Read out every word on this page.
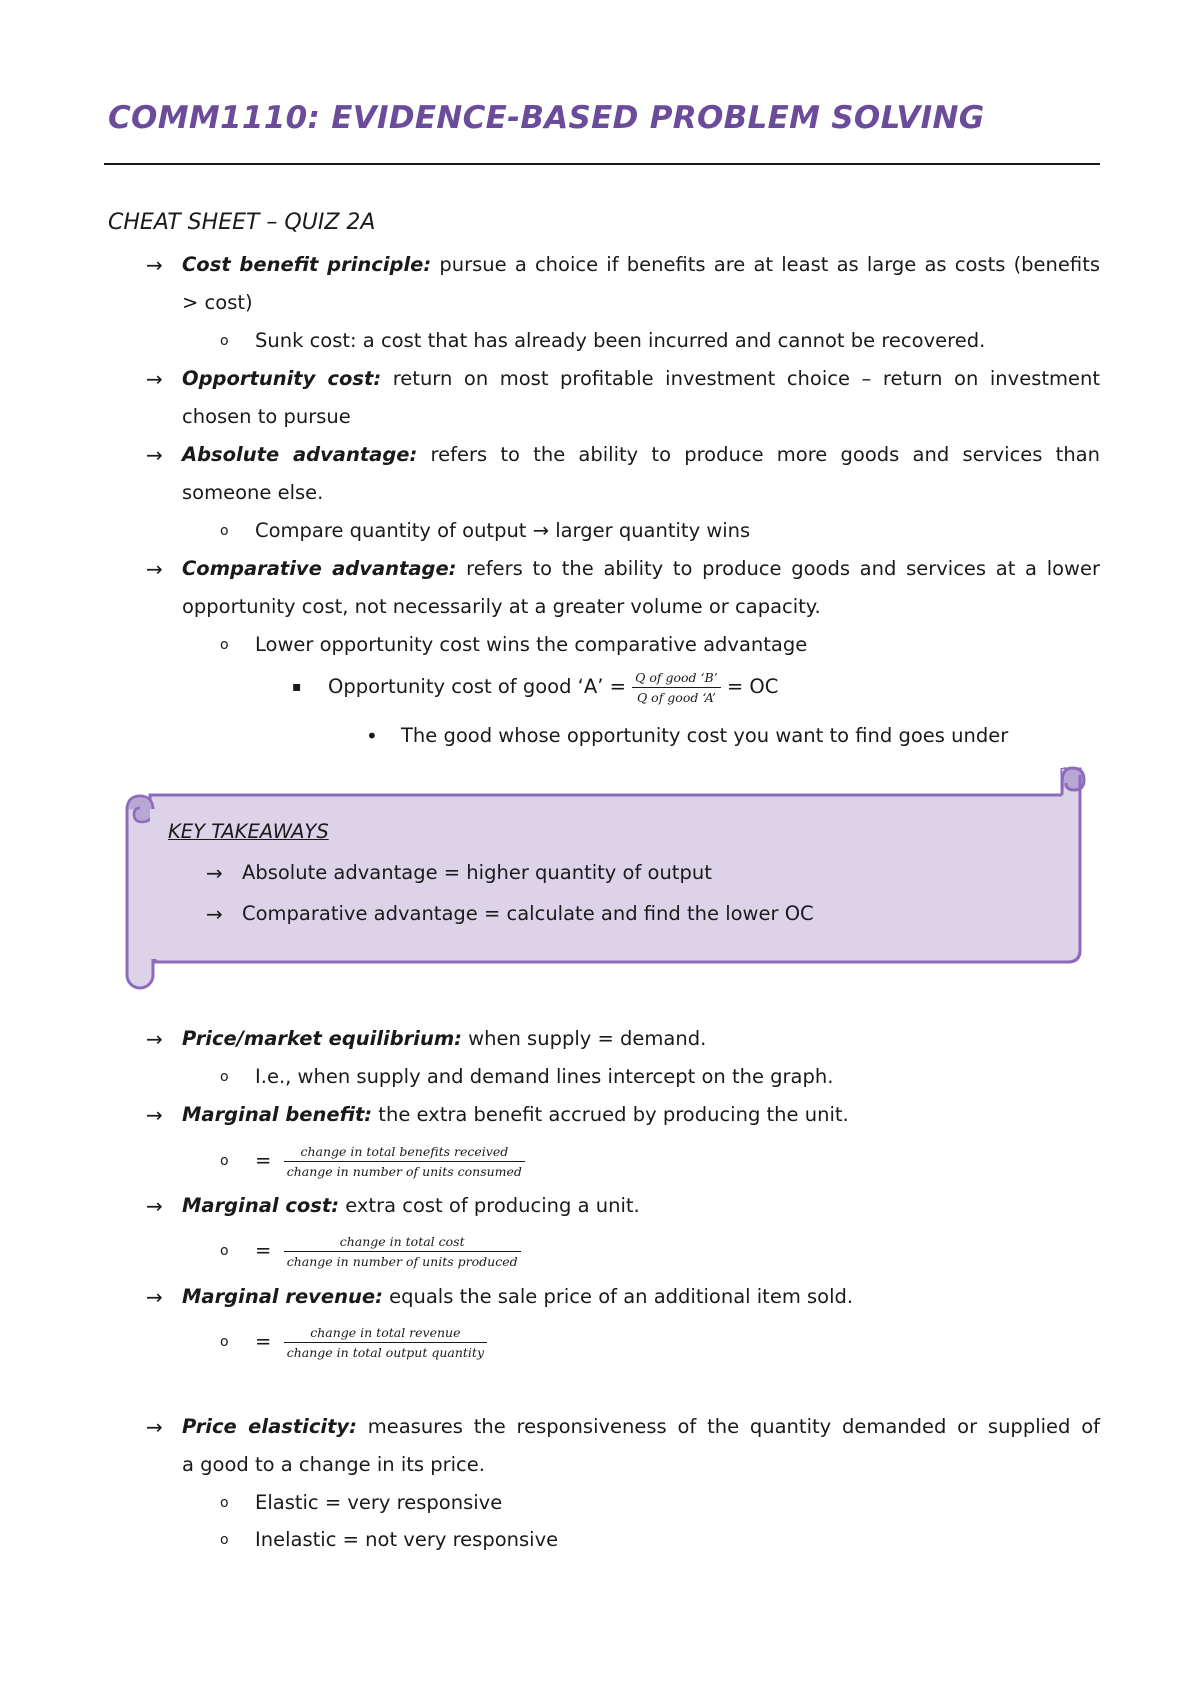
COMM1110: EVIDENCE-BASED PROBLEM SOLVING
CHEAT SHEET – QUIZ 2A
→ Cost benefit principle: pursue a choice if benefits are at least as large as costs (benefits
> cost)
o Sunk cost: a cost that has already been incurred and cannot be recovered.
→ Opportunity cost: return on most profitable investment choice – return on investment
chosen to pursue
→ Absolute advantage: refers to the ability to produce more goods and services than
someone else.
o Compare quantity of output → larger quantity wins
→ Comparative advantage: refers to the ability to produce goods and services at a lower
opportunity cost, not necessarily at a greater volume or capacity.
o Lower opportunity cost wins the comparative advantage
▪ Opportunity cost of good ‘A’ = $\frac{\text{Q of good ‘B’}}{\text{Q of good ‘A’}}$ = OC
• The good whose opportunity cost you want to find goes under
KEY TAKEAWAYS
→ Absolute advantage = higher quantity of output
→ Comparative advantage = calculate and find the lower OC
→ Price/market equilibrium: when supply = demand.
o I.e., when supply and demand lines intercept on the graph.
→ Marginal benefit: the extra benefit accrued by producing the unit.
$o = \frac{\text{change in total benefits received}}{\text{change in number of units consumed}}$
→ Marginal cost: extra cost of producing a unit.
$o = \frac{\text{change in total cost}}{\text{change in number of units produced}}$
→ Marginal revenue: equals the sale price of an additional item sold.
$o = \frac{\text{change in total revenue}}{\text{change in total output quantity}}$
→ Price elasticity: measures the responsiveness of the quantity demanded or supplied of
a good to a change in its price.
o Elastic = very responsive
o Inelastic = not very responsive
